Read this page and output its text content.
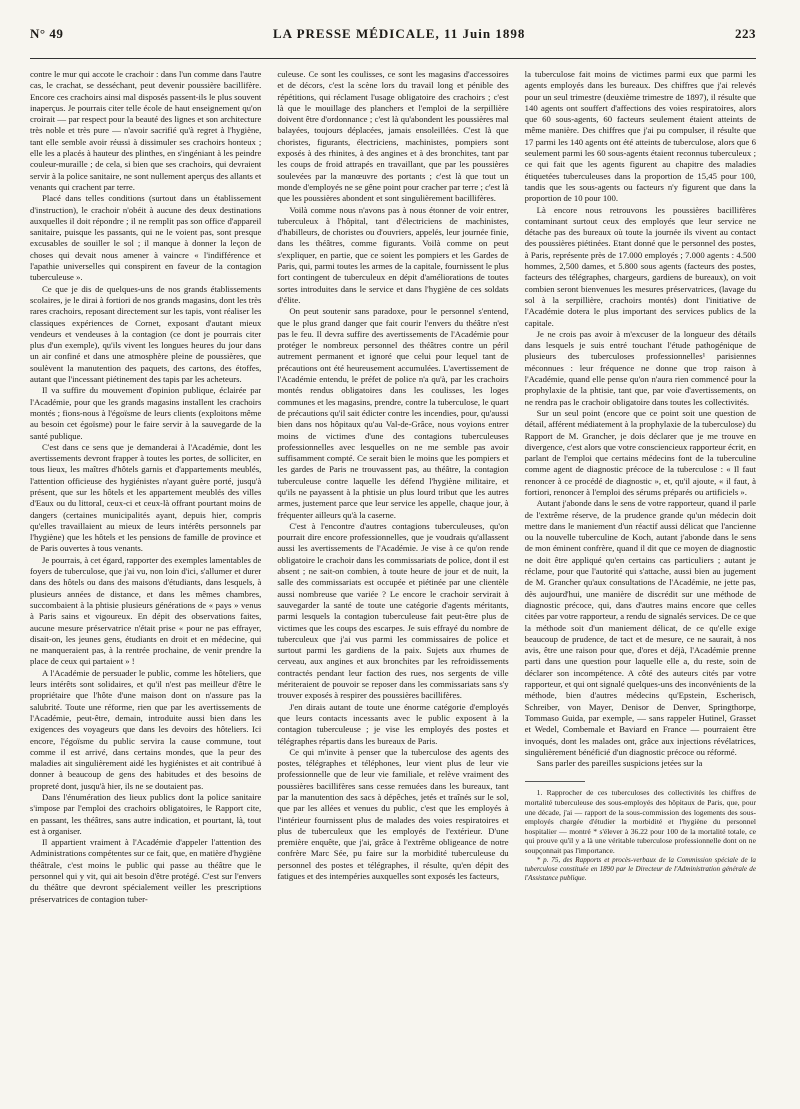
N° 49	LA PRESSE MÉDICALE, 11 Juin 1898	223

contre le mur qui accote le crachoir : dans l'un comme dans l'autre cas, le crachat, se desséchant, peut devenir poussière bacillifère. Encore ces crachoirs ainsi mal disposés passent-ils le plus souvent inaperçus. Je pourrais citer telle école de haut enseignement qu'on croirait — par respect pour la beauté des lignes et son architecture très noble et très pure — n'avoir sacrifié qu'à regret à l'hygiène, tant elle semble avoir réussi à dissimuler ses crachoirs honteux ; elle les a placés à hauteur des plinthes, en s'ingéniant à les peindre couleur-muraille ; de cela, si bien que ses crachoirs, qui devraient servir à la police sanitaire, ne sont nullement aperçus des allants et venants qui crachent par terre.

Placé dans telles conditions (surtout dans un établissement d'instruction), le crachoir n'obéit à aucune des deux destinations auxquelles il doit répondre ; il ne remplit pas son office d'appareil sanitaire, puisque les passants, qui ne le voient pas, sont presque excusables de souiller le sol ; il manque à donner la leçon de choses qui devait nous amener à vaincre « l'indifférence et l'apathie universelles qui conspirent en faveur de la contagion tuberculeuse ».

Ce que je dis de quelques-uns de nos grands établissements scolaires, je le dirai à fortiori de nos grands magasins, dont les très rares crachoirs, reposant directement sur les tapis, vont réaliser les classiques expériences de Cornet, exposant d'autant mieux vendeurs et vendeuses à la contagion (ce dont je pourrais citer plus d'un exemple), qu'ils vivent les longues heures du jour dans un air confiné et dans une atmosphère pleine de poussières, que soulèvent la manutention des paquets, des cartons, des étoffes, autant que l'incessant piétinement des tapis par les acheteurs.

Il va suffire du mouvement d'opinion publique, éclairée par l'Académie, pour que les grands magasins installent les crachoirs montés ; fions-nous à l'égoïsme de leurs clients (exploitons même au besoin cet égoïsme) pour le faire servir à la sauvegarde de la santé publique.

C'est dans ce sens que je demanderai à l'Académie, dont les avertissements devront frapper à toutes les portes, de solliciter, en tous lieux, les maîtres d'hôtels garnis et d'appartements meublés, l'attention officieuse des hygiénistes n'ayant guère porté, jusqu'à présent, que sur les hôtels et les appartement meublés des villes d'Eaux ou du littoral, ceux-ci et ceux-là offrant pourtant moins de dangers (certaines municipalités ayant, depuis hier, compris qu'elles travaillaient au mieux de leurs intérêts personnels par l'hygiène) que les hôtels et les pensions de famille de province et de Paris ouvertes à tous venants.

Je pourrais, à cet égard, rapporter des exemples lamentables de foyers de tuberculose, que j'ai vu, non loin d'ici, s'allumer et durer dans des hôtels ou dans des maisons d'étudiants, dans lesquels, à plusieurs années de distance, et dans les mêmes chambres, succombaient à la phtisie plusieurs générations de « pays » venus à Paris sains et vigoureux. En dépit des observations faites, aucune mesure préservatrice n'était prise « pour ne pas effrayer, disait-on, les jeunes gens, étudiants en droit et en médecine, qui ne manqueraient pas, à la rentrée prochaine, de venir prendre la place de ceux qui partaient » !

A l'Académie de persuader le public, comme les hôteliers, que leurs intérêts sont solidaires, et qu'il n'est pas meilleur d'être le propriétaire que l'hôte d'une maison dont on n'assure pas la salubrité. Toute une réforme, rien que par les avertissements de l'Académie, peut-être, demain, introduite aussi bien dans les exigences des voyageurs que dans les devoirs des hôteliers. Ici encore, l'égoïsme du public servira la cause commune, tout comme il est arrivé, dans certains mondes, que la peur des maladies ait singulièrement aidé les hygiénistes et ait contribué à donner à beaucoup de gens des habitudes et des besoins de propreté dont, jusqu'à hier, ils ne se doutaient pas.

Dans l'énumération des lieux publics dont la police sanitaire s'impose par l'emploi des crachoirs obligatoires, le Rapport cite, en passant, les théâtres, sans autre indication, et pourtant, là, tout est à organiser.

Il appartient vraiment à l'Académie d'appeler l'attention des Administrations compétentes sur ce fait, que, en matière d'hygiène théâtrale, c'est moins le public qui passe au théâtre que le personnel qui y vit, qui ait besoin d'être protégé. C'est sur l'envers du théâtre que devront spécialement veiller les prescriptions préservatrices de contagion tuber-

culeuse. Ce sont les coulisses, ce sont les magasins d'accessoires et de décors, c'est la scène lors du travail long et pénible des répétitions, qui réclament l'usage obligatoire des crachoirs ; c'est là que le mouillage des planchers et l'emploi de la serpillière doivent être d'ordonnance ; c'est là qu'abondent les poussières mal balayées, toujours déplacées, jamais ensoleillées. C'est là que choristes, figurants, électriciens, machinistes, pompiers sont exposés à des rhinites, à des angines et à des bronchites, tant par les coups de froid attrapés en travaillant, que par les poussières soulevées par la manœuvre des portants ; c'est là que tout un monde d'employés ne se gêne point pour cracher par terre ; c'est là que les poussières abondent et sont singulièrement bacillifères.

Voilà comme nous n'avons pas à nous étonner de voir entrer, tuberculeux à l'hôpital, tant d'électriciens de machinistes, d'habilleurs, de choristes ou d'ouvriers, appelés, leur journée finie, dans les théâtres, comme figurants. Voilà comme on peut s'expliquer, en partie, que ce soient les pompiers et les Gardes de Paris, qui, parmi toutes les armes de la capitale, fournissent le plus fort contingent de tuberculeux en dépit d'améliorations de toutes sortes introduites dans le service et dans l'hygiène de ces soldats d'élite.

On peut soutenir sans paradoxe, pour le personnel s'entend, que le plus grand danger que fait courir l'envers du théâtre n'est pas le feu. Il devra suffire des avertissements de l'Académie pour protéger le nombreux personnel des théâtres contre un péril autrement permanent et ignoré que celui pour lequel tant de précautions ont été heureusement accumulées. L'avertissement de l'Académie entendu, le préfet de police n'a qu'à, par les crachoirs montés rendus obligatoires dans les coulisses, les loges communes et les magasins, prendre, contre la tuberculose, le quart de précautions qu'il sait édicter contre les incendies, pour, qu'aussi bien dans nos hôpitaux qu'au Val-de-Grâce, nous voyions entrer moins de victimes d'une des contagions tuberculeuses professionnelles avec lesquelles on ne me semble pas avoir suffisamment compté. Ce serait bien le moins que les pompiers et les gardes de Paris ne trouvassent pas, au théâtre, la contagion tuberculeuse contre laquelle les défend l'hygiène militaire, et qu'ils ne payassent à la phtisie un plus lourd tribut que les autres armes, justement parce que leur service les appelle, chaque jour, à fréquenter ailleurs qu'à la caserne.

C'est à l'encontre d'autres contagions tuberculeuses, qu'on pourrait dire encore professionnelles, que je voudrais qu'allassent aussi les avertissements de l'Académie. Je vise à ce qu'on rende obligatoire le crachoir dans les commissariats de police, dont il est absent ; ne sait-on combien, à toute heure de jour et de nuit, la salle des commissariats est occupée et piétinée par une clientèle aussi nombreuse que variée ? Le encore le crachoir servirait à sauvegarder la santé de toute une catégorie d'agents méritants, parmi lesquels la contagion tuberculeuse fait peut-être plus de victimes que les coups des escarpes. Je suis effrayé du nombre de tuberculeux que j'ai vus parmi les commissaires de police et surtout parmi les gardiens de la paix. Sujets aux rhumes de cerveau, aux angines et aux bronchites par les refroidissements contractés pendant leur faction des rues, nos sergents de ville mériteraient de pouvoir se reposer dans les commissariats sans s'y trouver exposés à respirer des poussières bacillifères.

J'en dirais autant de toute une énorme catégorie d'employés que leurs contacts incessants avec le public exposent à la contagion tuberculeuse ; je vise les employés des postes et télégraphes répartis dans les bureaux de Paris.

Ce qui m'invite à penser que la tuberculose des agents des postes, télégraphes et téléphones, leur vient plus de leur vie professionnelle que de leur vie familiale, et relève vraiment des poussières bacillifères sans cesse remuées dans les bureaux, tant par la manutention des sacs à dépêches, jetés et traînés sur le sol, que par les allées et venues du public, c'est que les employés à l'intérieur fournissent plus de malades des voies respiratoires et plus de tuberculeux que les employés de l'extérieur. D'une première enquête, que j'ai, grâce à l'extrême obligeance de notre confrère Marc Sée, pu faire sur la morbidité tuberculeuse du personnel des postes et télégraphes, il résulte, qu'en dépit des fatigues et des intempéries auxquelles sont exposés les facteurs,

la tuberculose fait moins de victimes parmi eux que parmi les agents employés dans les bureaux. Des chiffres que j'ai relevés pour un seul trimestre (deuxième trimestre de 1897), il résulte que 140 agents ont souffert d'affections des voies respiratoires, alors que 60 sous-agents, 60 facteurs seulement étaient atteints de même manière. Des chiffres que j'ai pu compulser, il résulte que 17 parmi les 140 agents ont été atteints de tuberculose, alors que 6 seulement parmi les 60 sous-agents étaient reconnus tuberculeux ; ce qui fait que les agents figurent au chapitre des maladies étiquetées tuberculeuses dans la proportion de 15,45 pour 100, tandis que les sous-agents ou facteurs n'y figurent que dans la proportion de 10 pour 100.

Là encore nous retrouvons les poussières bacillifères contaminant surtout ceux des employés que leur service ne détache pas des bureaux où toute la journée ils vivent au contact des poussières piétinées. Etant donné que le personnel des postes, à Paris, représente près de 17.000 employés ; 7.000 agents : 4.500 hommes, 2,500 dames, et 5.800 sous agents (facteurs des postes, facteurs des télégraphes, chargeurs, gardiens de bureaux), on voit combien seront bienvenues les mesures préservatrices, (lavage du sol à la serpillière, crachoirs montés) dont l'initiative de l'Académie dotera le plus important des services publics de la capitale.

Je ne crois pas avoir à m'excuser de la longueur des détails dans lesquels je suis entré touchant l'étude pathogénique de plusieurs des tuberculoses professionnelles¹ parisiennes méconnues : leur fréquence ne donne que trop raison à l'Académie, quand elle pense qu'on n'aura rien commencé pour la prophylaxie de la phtisie, tant que, par voie d'avertissements, on ne rendra pas le crachoir obligatoire dans toutes les collectivités.

Sur un seul point (encore que ce point soit une question de détail, afférent médiatement à la prophylaxie de la tuberculose) du Rapport de M. Grancher, je dois déclarer que je me trouve en divergence, c'est alors que votre consciencieux rapporteur écrit, en parlant de l'emploi que certains médecins font de la tuberculine comme agent de diagnostic précoce de la tuberculose : « Il faut renoncer à ce procédé de diagnostic », et, qu'il ajoute, « il faut, à fortiori, renoncer à l'emploi des sérums préparés ou artificiels ».

Autant j'abonde dans le sens de votre rapporteur, quand il parle de l'extrême réserve, de la prudence grande qu'un médecin doit mettre dans le maniement d'un réactif aussi délicat que l'ancienne ou la nouvelle tuberculine de Koch, autant j'abonde dans le sens de mon éminent confrère, quand il dit que ce moyen de diagnostic ne doit être appliqué qu'en certains cas particuliers ; autant je réclame, pour que l'autorité qui s'attache, aussi bien au jugement de M. Grancher qu'aux consultations de l'Académie, ne jette pas, dès aujourd'hui, une manière de discrédit sur une méthode de diagnostic précoce, qui, dans d'autres mains encore que celles citées par votre rapporteur, a rendu de signalés services. De ce que la méthode soit d'un maniement délicat, de ce qu'elle exige beaucoup de prudence, de tact et de mesure, ce ne saurait, à nos avis, être une raison pour que, d'ores et déjà, l'Académie prenne parti dans une question pour laquelle elle a, du reste, soin de déclarer son incompétence. A côté des auteurs cités par votre rapporteur, et qui ont signalé quelques-uns des inconvénients de la méthode, bien d'autres médecins qu'Epstein, Escherisch, Schreiber, von Mayer, Denisor de Denver, Springthorpe, Tommaso Guida, par exemple, — sans rappeler Hutinel, Grasset et Wedel, Combemale et Baviard en France — pourraient être invoqués, dont les malades ont, grâce aux injections révélatrices, singulièrement bénéficié d'un diagnostic précoce ou réformé.

Sans parler des pareilles suspicions jetées sur la

1. Rapprocher de ces tuberculoses des collectivités les chiffres de mortalité tuberculeuse des sous-employés des hôpitaux de Paris, que, pour une décade, j'ai — rapport de la sous-commission des logements des sous-employés chargée d'étudier la morbidité et l'hygiène du personnel hospitalier — montré * s'élever à 36.22 pour 100 de la mortalité totale, ce qui prouve qu'il y a là une véritable tuberculose professionnelle dont on ne soupçonnait pas l'importance.

* p. 75, des Rapports et procès-verbaux de la Commission spéciale de la tuberculose constituée en 1890 par le Directeur de l'Administration générale de l'Assistance publique.
